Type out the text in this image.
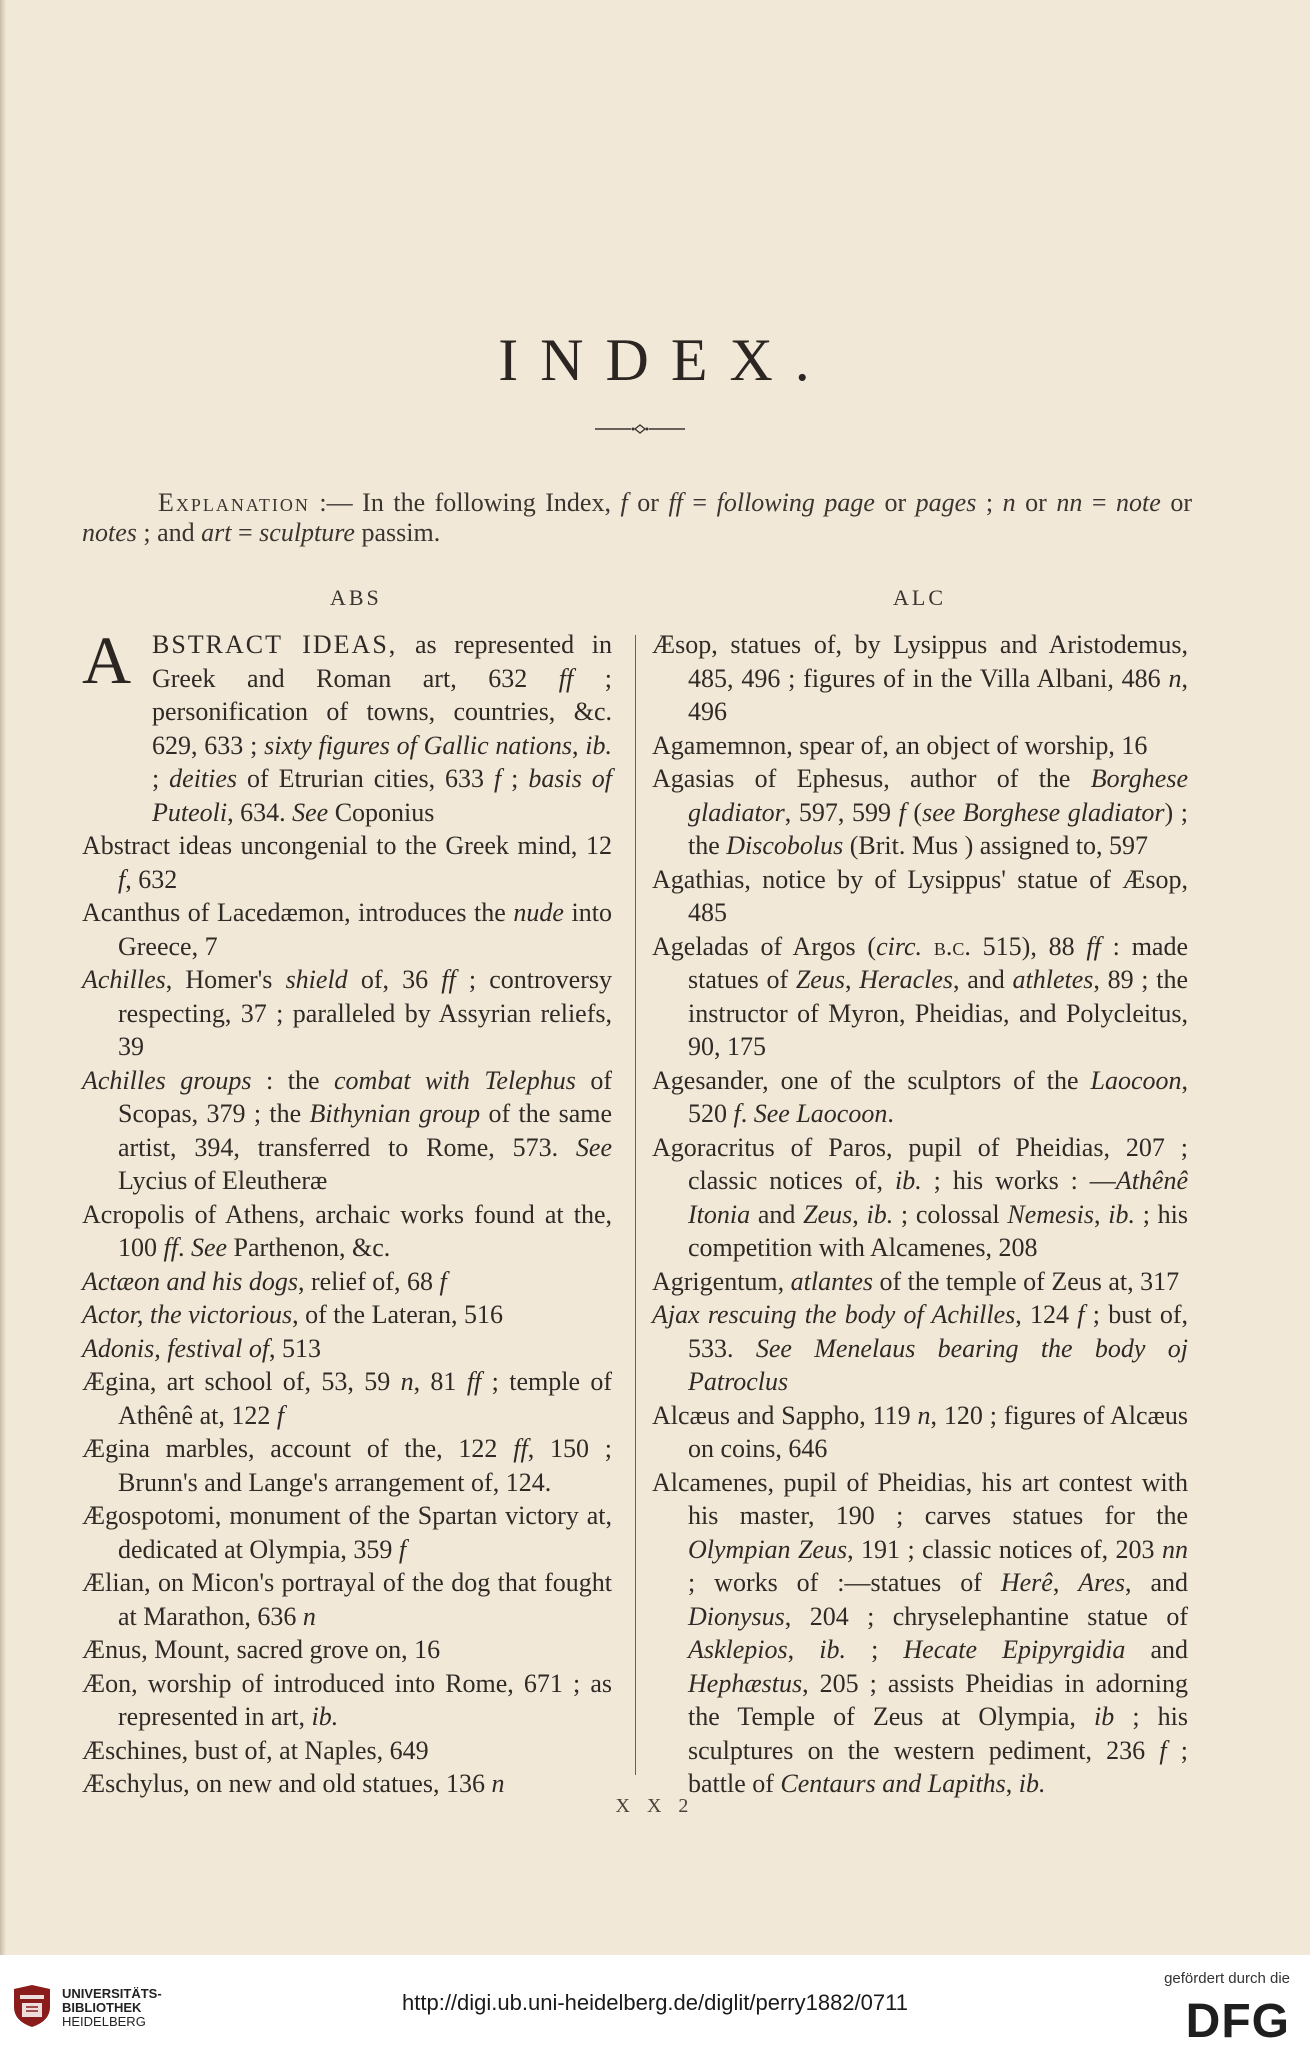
INDEX.
Explanation :— In the following Index, f or ff = following page or pages ; n or nn = note or notes ; and art = sculpture passim.
ABS	ALC

A BSTRACT IDEAS, as represented in Greek and Roman art, 632 ff ; personification of towns, countries, &c. 629, 633 ; sixty figures of Gallic nations, ib. ; deities of Etrurian cities, 633 f ; basis of Puteoli, 634. See Coponius

Abstract ideas uncongenial to the Greek mind, 12 f, 632

Acanthus of Lacedæmon, introduces the nude into Greece, 7

Achilles, Homer's shield of, 36 ff ; controversy respecting, 37 ; paralleled by Assyrian reliefs, 39

Achilles groups : the combat with Telephus of Scopas, 379 ; the Bithynian group of the same artist, 394, transferred to Rome, 573. See Lycius of Eleutheræ

Acropolis of Athens, archaic works found at the, 100 ff. See Parthenon, &c.

Actæon and his dogs, relief of, 68 f

Actor, the victorious, of the Lateran, 516

Adonis, festival of, 513

Ægina, art school of, 53, 59 n, 81 ff ; temple of Athênê at, 122 f

Ægina marbles, account of the, 122 ff, 150 ; Brunn's and Lange's arrangement of, 124.

Ægospotomi, monument of the Spartan victory at, dedicated at Olympia, 359 f

Ælian, on Micon's portrayal of the dog that fought at Marathon, 636 n

Ænus, Mount, sacred grove on, 16

Æon, worship of introduced into Rome, 671 ; as represented in art, ib.

Æschines, bust of, at Naples, 649

Æschylus, on new and old statues, 136 n

Æsop, statues of, by Lysippus and Aristodemus, 485, 496 ; figures of in the Villa Albani, 486 n, 496

Agamemnon, spear of, an object of worship, 16

Agasias of Ephesus, author of the Borghese gladiator, 597, 599 f (see Borghese gladiator) ; the Discobolus (Brit. Mus ) assigned to, 597

Agathias, notice by of Lysippus' statue of Æsop, 485

Ageladas of Argos (circ. b.c. 515), 88 ff : made statues of Zeus, Heracles, and athletes, 89 ; the instructor of Myron, Pheidias, and Polycleitus, 90, 175

Agesander, one of the sculptors of the Laocoon, 520 f. See Laocoon.

Agoracritus of Paros, pupil of Pheidias, 207 ; classic notices of, ib. ; his works : —Athênê Itonia and Zeus, ib. ; colossal Nemesis, ib. ; his competition with Alcamenes, 208

Agrigentum, atlantes of the temple of Zeus at, 317

Ajax rescuing the body of Achilles, 124 f ; bust of, 533. See Menelaus bearing the body oj Patroclus

Alcæus and Sappho, 119 n, 120 ; figures of Alcæus on coins, 646

Alcamenes, pupil of Pheidias, his art contest with his master, 190 ; carves statues for the Olympian Zeus, 191 ; classic notices of, 203 nn ; works of :—statues of Herê, Ares, and Dionysus, 204 ; chryselephantine statue of Asklepios, ib. ; Hecate Epipyrgidia and Hephæstus, 205 ; assists Pheidias in adorning the Temple of Zeus at Olympia, ib ; his sculptures on the western pediment, 236 f ; battle of Centaurs and Lapiths, ib.

X X 2
UNIVERSITÄTS-
BIBLIOTHEK
HEIDELBERG
http://digi.ub.uni-heidelberg.de/diglit/perry1882/0711
gefördert durch die
DFG
